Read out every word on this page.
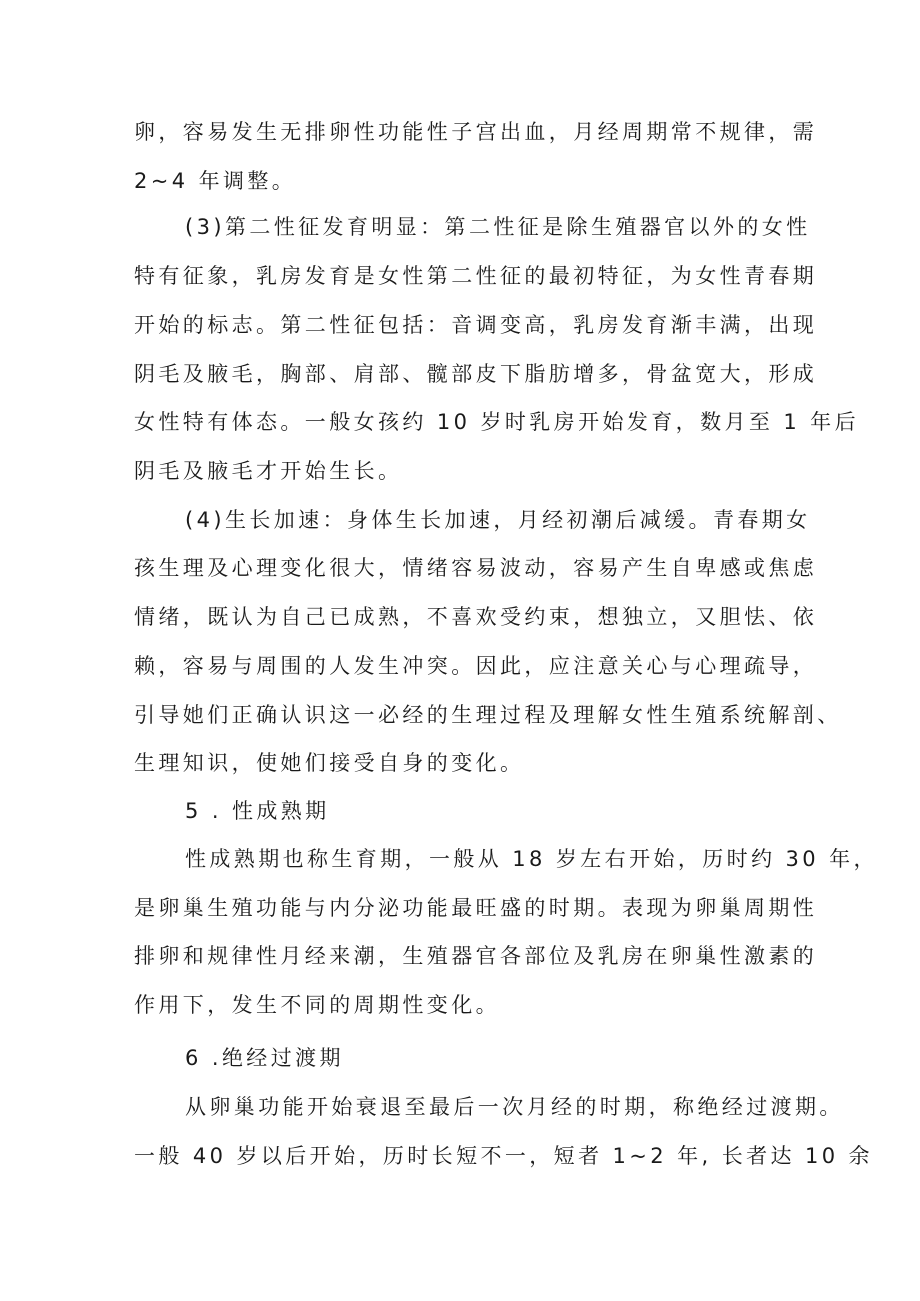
卵，容易发生无排卵性功能性子宫出血，月经周期常不规律，需
2~4 年调整。
(3)第二性征发育明显：第二性征是除生殖器官以外的女性
特有征象，乳房发育是女性第二性征的最初特征，为女性青春期
开始的标志。第二性征包括：音调变高，乳房发育渐丰满，出现
阴毛及腋毛，胸部、肩部、髋部皮下脂肪增多，骨盆宽大，形成
女性特有体态。一般女孩约 10 岁时乳房开始发育，数月至 1 年后
阴毛及腋毛才开始生长。
(4)生长加速：身体生长加速，月经初潮后减缓。青春期女
孩生理及心理变化很大，情绪容易波动，容易产生自卑感或焦虑
情绪，既认为自己已成熟，不喜欢受约束，想独立，又胆怯、依
赖，容易与周围的人发生冲突。因此，应注意关心与心理疏导，
引导她们正确认识这一必经的生理过程及理解女性生殖系统解剖、
生理知识，使她们接受自身的变化。
5 . 性成熟期
性成熟期也称生育期，一般从 18 岁左右开始，历时约 30 年，
是卵巢生殖功能与内分泌功能最旺盛的时期。表现为卵巢周期性
排卵和规律性月经来潮，生殖器官各部位及乳房在卵巢性激素的
作用下，发生不同的周期性变化。
6 .绝经过渡期
从卵巢功能开始衰退至最后一次月经的时期，称绝经过渡期。
一般 40 岁以后开始，历时长短不一，短者 1~2 年, 长者达 10 余
